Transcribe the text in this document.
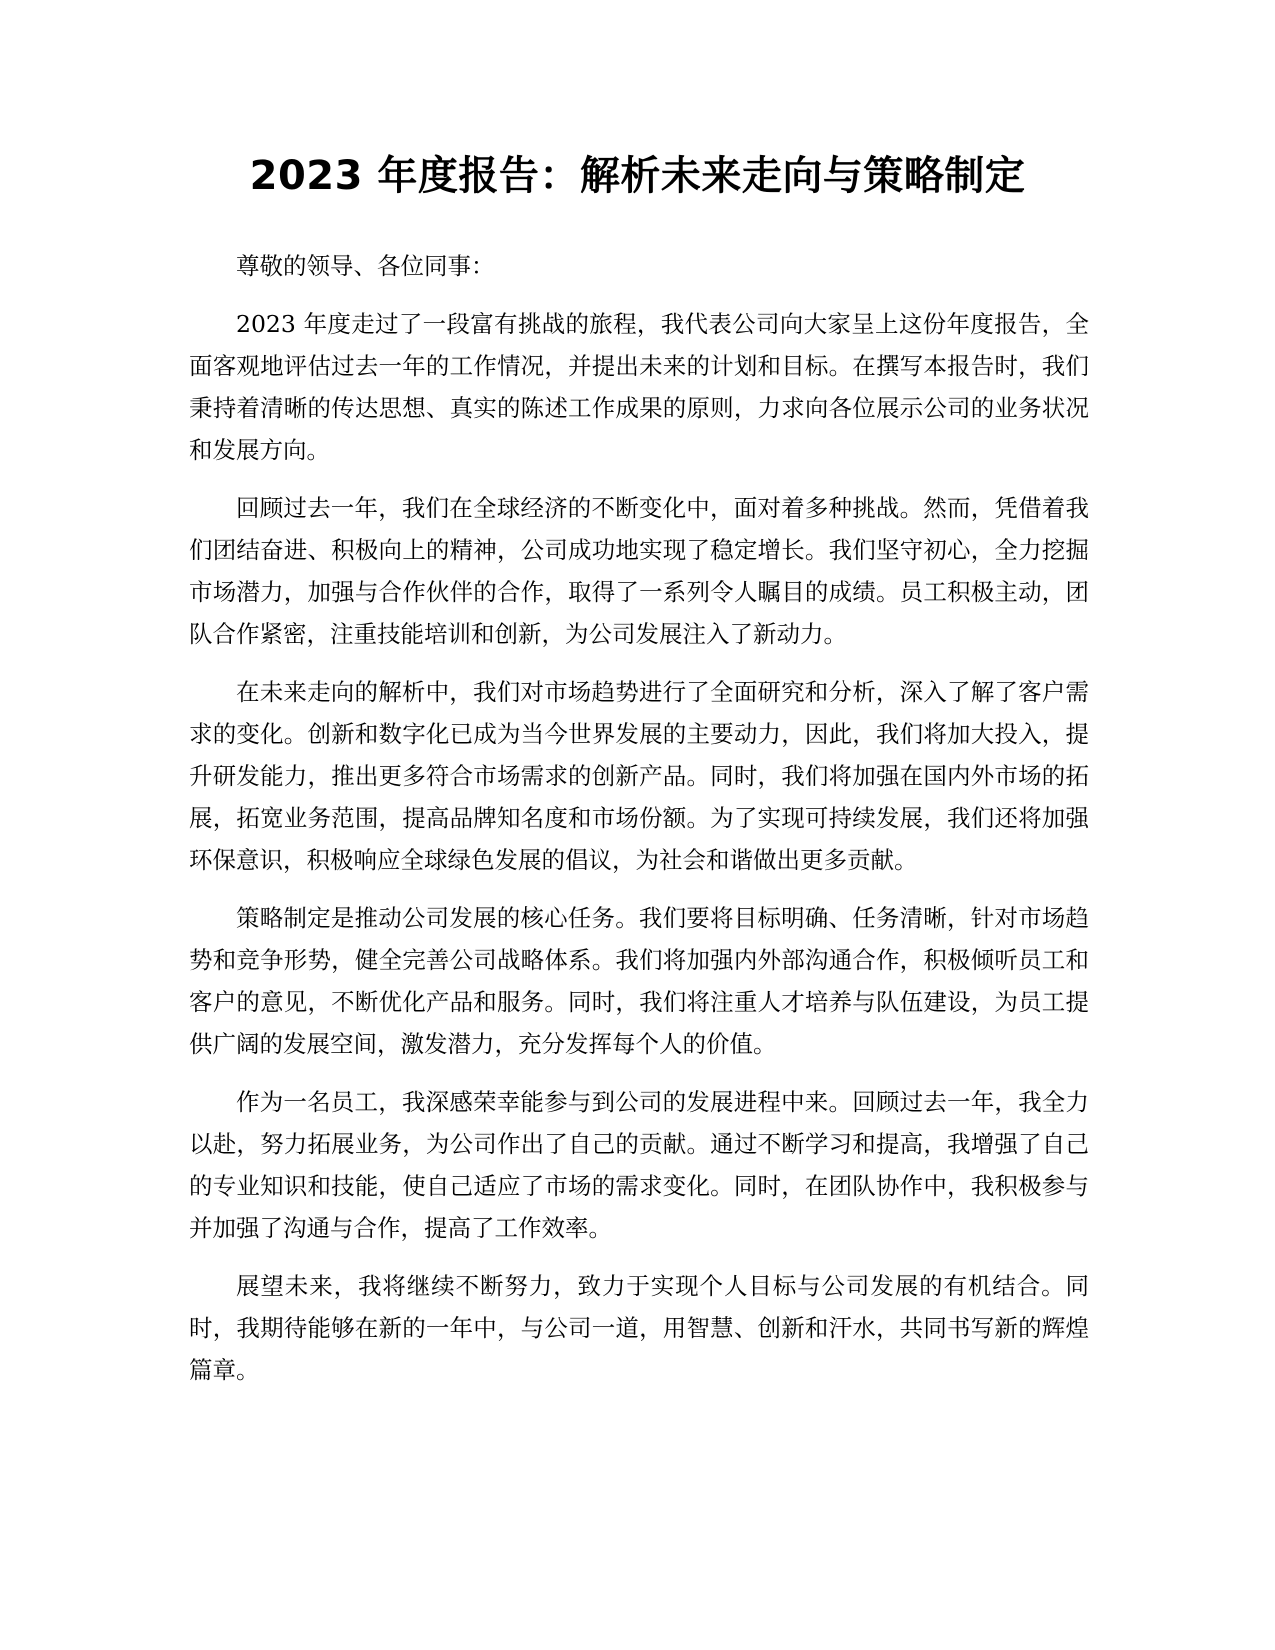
2023 年度报告：解析未来走向与策略制定

尊敬的领导、各位同事：

2023 年度走过了一段富有挑战的旅程，我代表公司向大家呈上这份年度报告，全面客观地评估过去一年的工作情况，并提出未来的计划和目标。在撰写本报告时，我们秉持着清晰的传达思想、真实的陈述工作成果的原则，力求向各位展示公司的业务状况和发展方向。

回顾过去一年，我们在全球经济的不断变化中，面对着多种挑战。然而，凭借着我们团结奋进、积极向上的精神，公司成功地实现了稳定增长。我们坚守初心，全力挖掘市场潜力，加强与合作伙伴的合作，取得了一系列令人瞩目的成绩。员工积极主动，团队合作紧密，注重技能培训和创新，为公司发展注入了新动力。

在未来走向的解析中，我们对市场趋势进行了全面研究和分析，深入了解了客户需求的变化。创新和数字化已成为当今世界发展的主要动力，因此，我们将加大投入，提升研发能力，推出更多符合市场需求的创新产品。同时，我们将加强在国内外市场的拓展，拓宽业务范围，提高品牌知名度和市场份额。为了实现可持续发展，我们还将加强环保意识，积极响应全球绿色发展的倡议，为社会和谐做出更多贡献。

策略制定是推动公司发展的核心任务。我们要将目标明确、任务清晰，针对市场趋势和竞争形势，健全完善公司战略体系。我们将加强内外部沟通合作，积极倾听员工和客户的意见，不断优化产品和服务。同时，我们将注重人才培养与队伍建设，为员工提供广阔的发展空间，激发潜力，充分发挥每个人的价值。

作为一名员工，我深感荣幸能参与到公司的发展进程中来。回顾过去一年，我全力以赴，努力拓展业务，为公司作出了自己的贡献。通过不断学习和提高，我增强了自己的专业知识和技能，使自己适应了市场的需求变化。同时，在团队协作中，我积极参与并加强了沟通与合作，提高了工作效率。

展望未来，我将继续不断努力，致力于实现个人目标与公司发展的有机结合。同时，我期待能够在新的一年中，与公司一道，用智慧、创新和汗水，共同书写新的辉煌篇章。
